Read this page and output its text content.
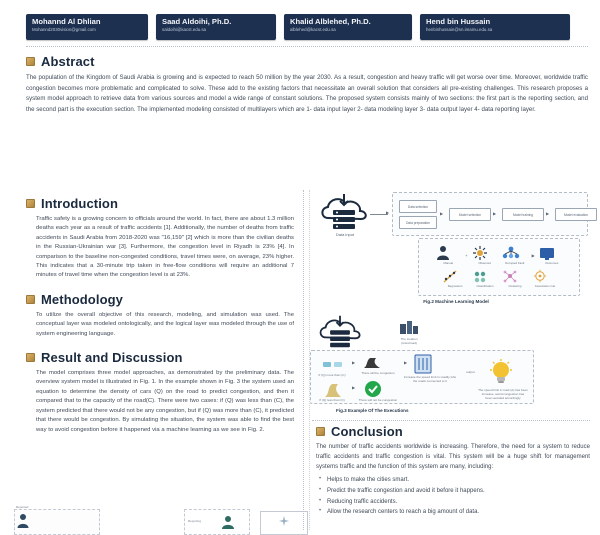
Mohannd Al Dhlian
Mohannd2030vision@gmail.com
Saad Aldoihi, Ph.D.
saldoihi@kacst.edu.sa
Khalid Alblehed, Ph.D.
alblehed@kacst.edu.sa
Hend bin Hussain
henbinhussain@sn.imamu.edu.sa
Abstract
The population of the Kingdom of Saudi Arabia is growing and is expected to reach 50 million by the year 2030. As a result, congestion and heavy traffic will get worse over time. Moreover, worldwide traffic congestion becomes more problematic and complicated to solve. These add to the existing factors that necessitate an overall solution that considers all pre-existing challenges. This research proposes a system model approach to retrieve data from various sources and model a wide range of constant solutions. The proposed system consists mainly of two sections: the first part is the reporting section, and the second part is the execution section. The implemented modeling consisted of multilayers which are 1- data input layer 2- data modeling layer 3- data output layer 4- data reporting layer.
Introduction
Traffic safety is a growing concern to officials around the world. In fact, there are about 1.3 million deaths each year as a result of traffic accidents [1]. Additionally, the number of deaths from traffic accidents in Saudi Arabia from 2018-2020 was "16,159" [2] which is more than the civilian deaths in the Russian-Ukrainian war [3]. Furthermore, the congestion level in Riyadh is 23% [4]. In comparison to the baseline non-congested conditions, travel times were, on average, 23% higher. This indicates that a 30-minute trip taken in free-flow conditions will require an additional 7 minutes of travel time when the congestion level is at 23%.
Methodology
To utilize the overall objective of this research, modeling, and simulation was used. The conceptual layer was modeled ontologically, and the logical layer was modeled through the use of system engineering language.
Result and Discussion
The model comprises three model approaches, as demonstrated by the preliminary data. The overview system model is illustrated in Fig. 1. In the example shown in Fig. 3 the system used an equation to determine the density of cars (Q) on the road to predict congestion, and then it compared that to the capacity of the road(C). There were two cases: if (Q) was less than (C), the system predicted that there would not be any congestion, but if (Q) was more than (C), it predicted that there would be congestion. By simulating the situation, the system was able to find the best way to avoid congestion before it happened via a machine learning as we see in Fig. 2.
Reported
Reporting
Data input
▶
Data selection
Data preparation
▶	Model selection	▶	Model training	▶	Model evaluation
Manual
+
Observed	Occupied Fault
▶
Outcomes
Regression	Classification	Clustering	Association rule
Fig.2 Machine Learning Model
The location
(town/road)
If (Q) more than (C)
▶
There will be congestion
▶
Increase the speed limit in roadily who the roads connected to it
output
If (Q) less than (C)
▶
There will not be congestion
The speed limit in road (A) has been increase, avoid congestion has been avoided accordingly
Fig.3 Example Of The Executions
Conclusion
The number of traffic accidents worldwide is increasing. Therefore, the need for a system to reduce traffic accidents and traffic congestion is vital. This system will be a huge shift for management systems traffic and the function of this system are many, including:
• Helps to make the cities smart.
• Predict the traffic congestion and avoid it before it happens.
• Reducing traffic accidents.
• Allow the research centers to reach a big amount of data.
